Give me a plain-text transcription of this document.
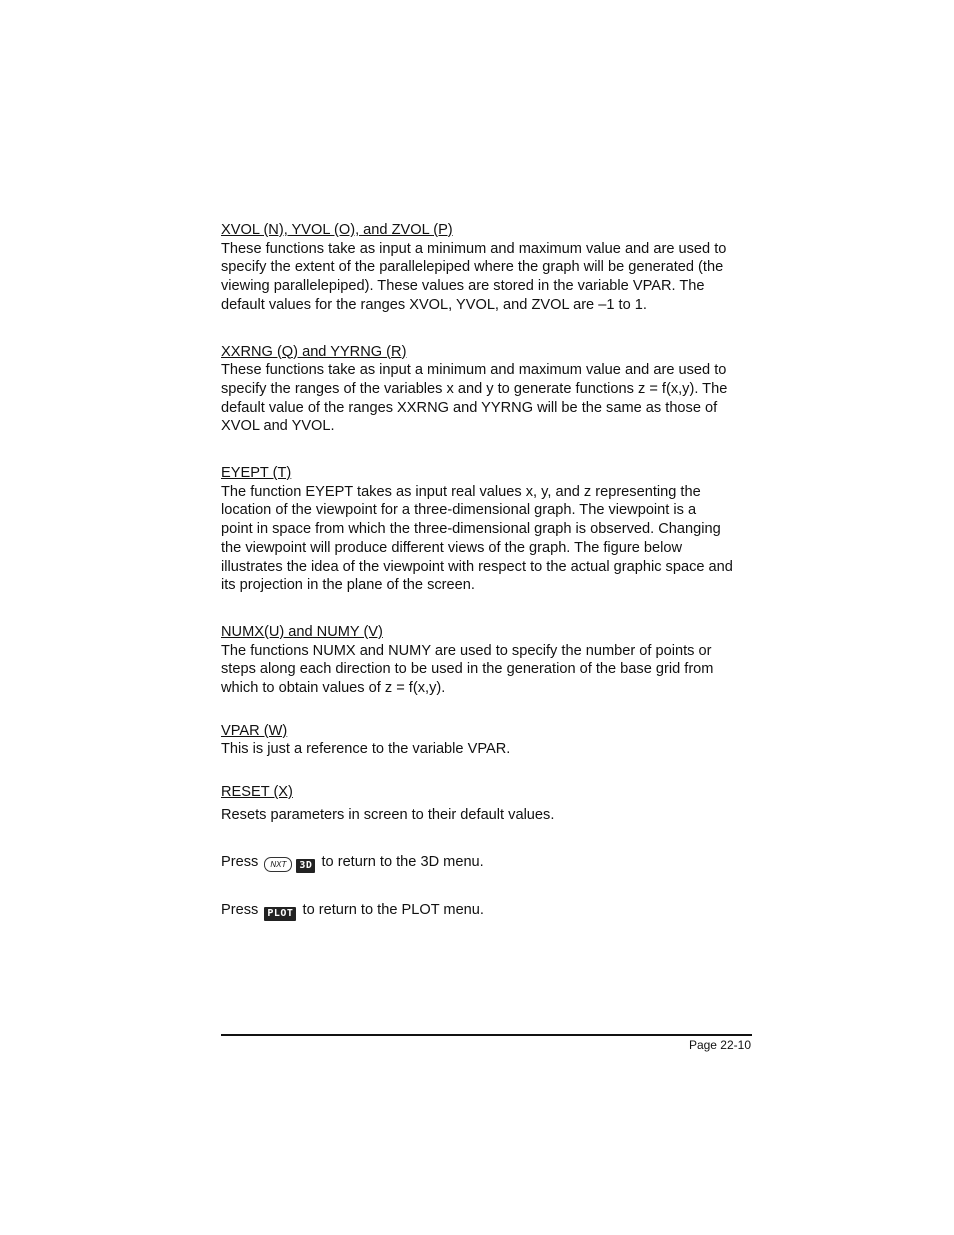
XVOL (N), YVOL (O), and ZVOL (P)
These functions take as input a minimum and maximum value and are used to
specify the extent of the parallelepiped where the graph will be generated (the
viewing parallelepiped). These values are stored in the variable VPAR. The
default values for the ranges XVOL, YVOL, and ZVOL are –1 to 1.
XXRNG (Q) and YYRNG (R)
These functions take as input a minimum and maximum value and are used to
specify the ranges of the variables x and y to generate functions z = f(x,y). The
default value of the ranges XXRNG and YYRNG will be the same as those of
XVOL and YVOL.
EYEPT (T)
The function EYEPT takes as input real values x, y, and z representing the
location of the viewpoint for a three-dimensional graph. The viewpoint is a
point in space from which the three-dimensional graph is observed. Changing
the viewpoint will produce different views of the graph. The figure below
illustrates the idea of the viewpoint with respect to the actual graphic space and
its projection in the plane of the screen.
NUMX(U) and NUMY (V)
The functions NUMX and NUMY are used to specify the number of points or
steps along each direction to be used in the generation of the base grid from
which to obtain values of z = f(x,y).
VPAR (W)
This is just a reference to the variable VPAR.
RESET (X)
Resets parameters in screen to their default values.
Press NXT 3D to return to the 3D menu.
Press PLOT to return to the PLOT menu.
Page 22-10
